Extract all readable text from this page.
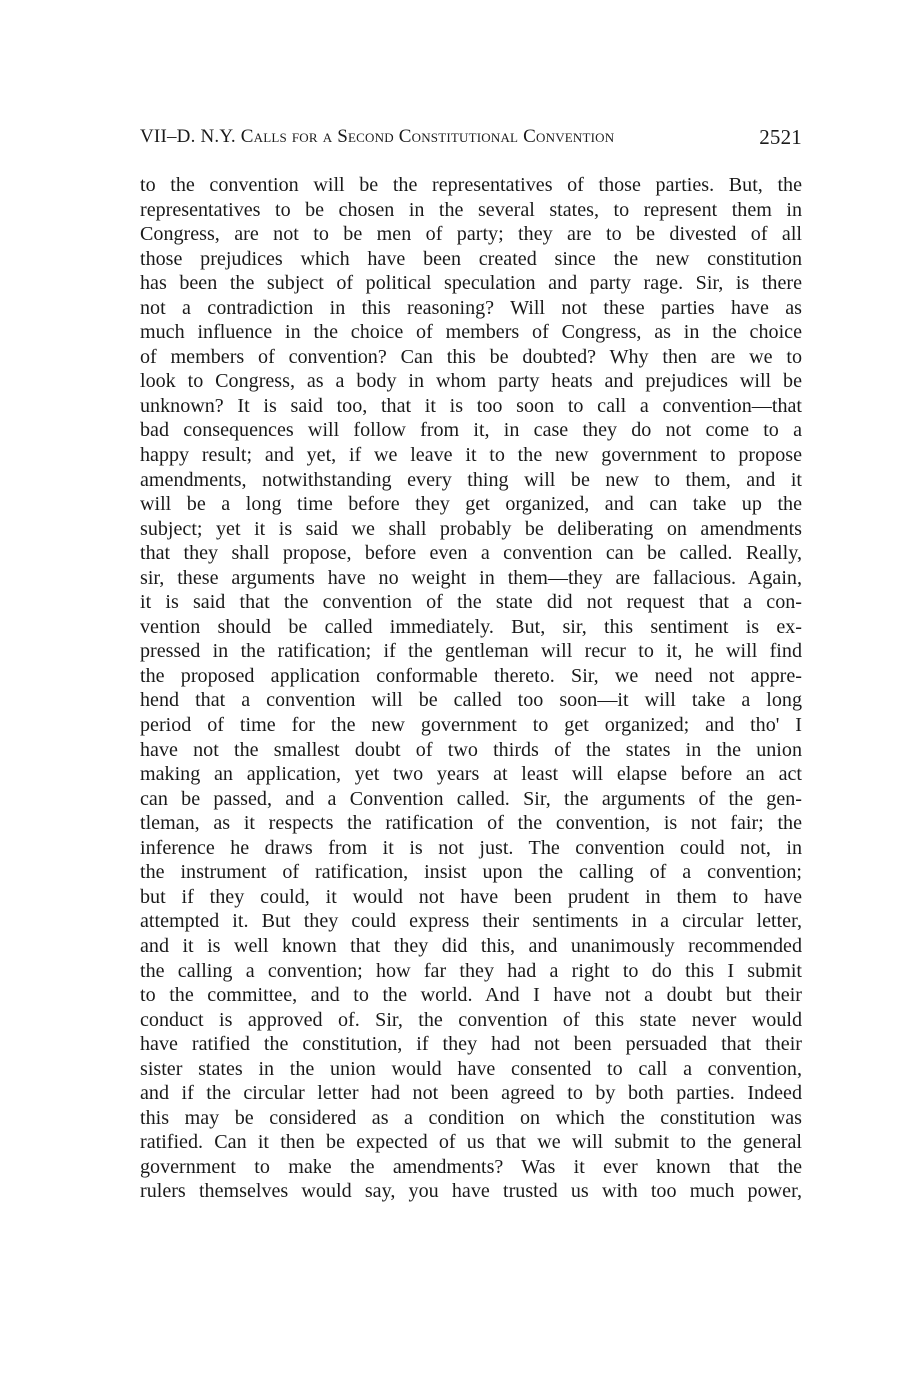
VII–D. N.Y. Calls for a Second Constitutional Convention	2521
to the convention will be the representatives of those parties. But, the
representatives to be chosen in the several states, to represent them in
Congress, are not to be men of party; they are to be divested of all
those prejudices which have been created since the new constitution
has been the subject of political speculation and party rage. Sir, is there
not a contradiction in this reasoning? Will not these parties have as
much influence in the choice of members of Congress, as in the choice
of members of convention? Can this be doubted? Why then are we to
look to Congress, as a body in whom party heats and prejudices will be
unknown? It is said too, that it is too soon to call a convention—that
bad consequences will follow from it, in case they do not come to a
happy result; and yet, if we leave it to the new government to propose
amendments, notwithstanding every thing will be new to them, and it
will be a long time before they get organized, and can take up the
subject; yet it is said we shall probably be deliberating on amendments
that they shall propose, before even a convention can be called. Really,
sir, these arguments have no weight in them—they are fallacious. Again,
it is said that the convention of the state did not request that a con-
vention should be called immediately. But, sir, this sentiment is ex-
pressed in the ratification; if the gentleman will recur to it, he will find
the proposed application conformable thereto. Sir, we need not appre-
hend that a convention will be called too soon—it will take a long
period of time for the new government to get organized; and tho' I
have not the smallest doubt of two thirds of the states in the union
making an application, yet two years at least will elapse before an act
can be passed, and a Convention called. Sir, the arguments of the gen-
tleman, as it respects the ratification of the convention, is not fair; the
inference he draws from it is not just. The convention could not, in
the instrument of ratification, insist upon the calling of a convention;
but if they could, it would not have been prudent in them to have
attempted it. But they could express their sentiments in a circular letter,
and it is well known that they did this, and unanimously recommended
the calling a convention; how far they had a right to do this I submit
to the committee, and to the world. And I have not a doubt but their
conduct is approved of. Sir, the convention of this state never would
have ratified the constitution, if they had not been persuaded that their
sister states in the union would have consented to call a convention,
and if the circular letter had not been agreed to by both parties. Indeed
this may be considered as a condition on which the constitution was
ratified. Can it then be expected of us that we will submit to the general
government to make the amendments? Was it ever known that the
rulers themselves would say, you have trusted us with too much power,
